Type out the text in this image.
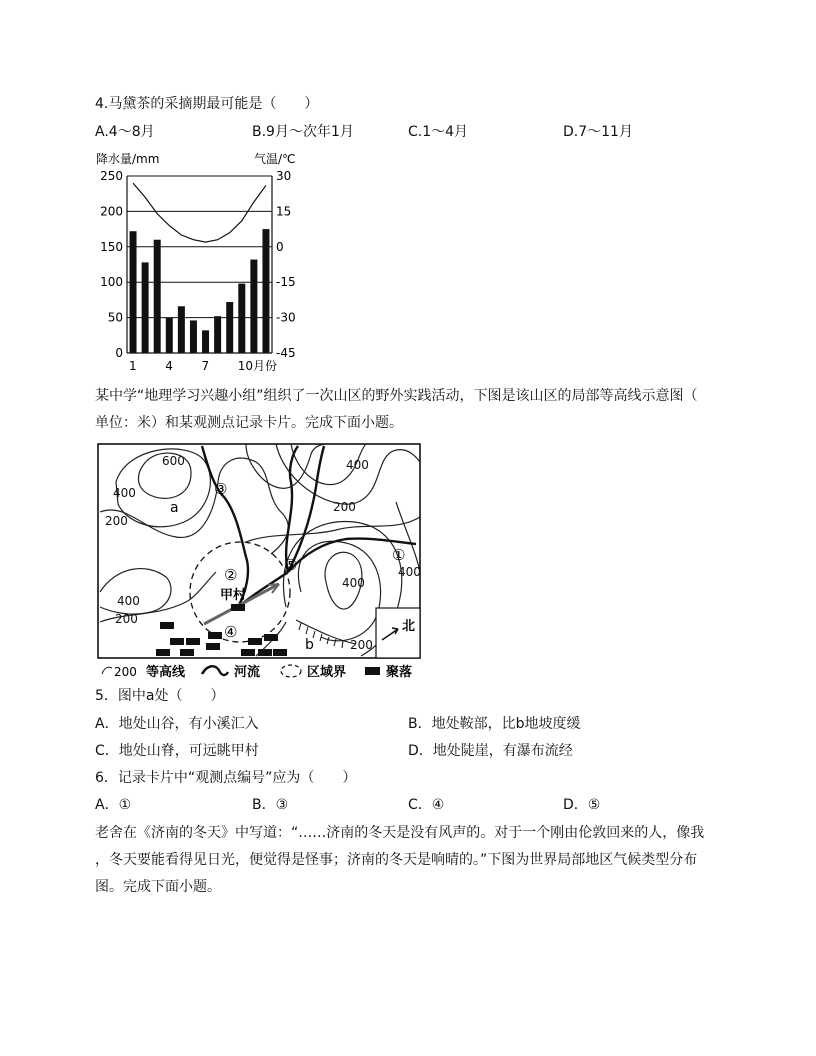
4.马黛茶的采摘期最可能是（　　）
A.4～8月	B.9月～次年1月	C.1～4月	D.7～11月
降水量/mm	气温/℃
250	30
200	15
150	0
100	-15
50	-30
0	-45
1 4 7 10月份
某中学“地理学习兴趣小组”组织了一次山区的野外实践活动，下图是该山区的局部等高线示意图（
单位：米）和某观测点记录卡片。完成下面小题。
600
400
200
400
200
200
400
400
200
400
a
b
甲村
①
②
③
④
⑤
北
200 等高线	河流	区域界	聚落
5．图中a处（　　）
A．地处山谷，有小溪汇入	B．地处鞍部，比b地坡度缓
C．地处山脊，可远眺甲村	D．地处陡崖，有瀑布流经
6．记录卡片中“观测点编号”应为（　　）
A．①	B．③	C．④	D．⑤
老舍在《济南的冬天》中写道：“……济南的冬天是没有风声的。对于一个刚由伦敦回来的人，像我
，冬天要能看得见日光，便觉得是怪事；济南的冬天是响晴的。”下图为世界局部地区气候类型分布
图。完成下面小题。
